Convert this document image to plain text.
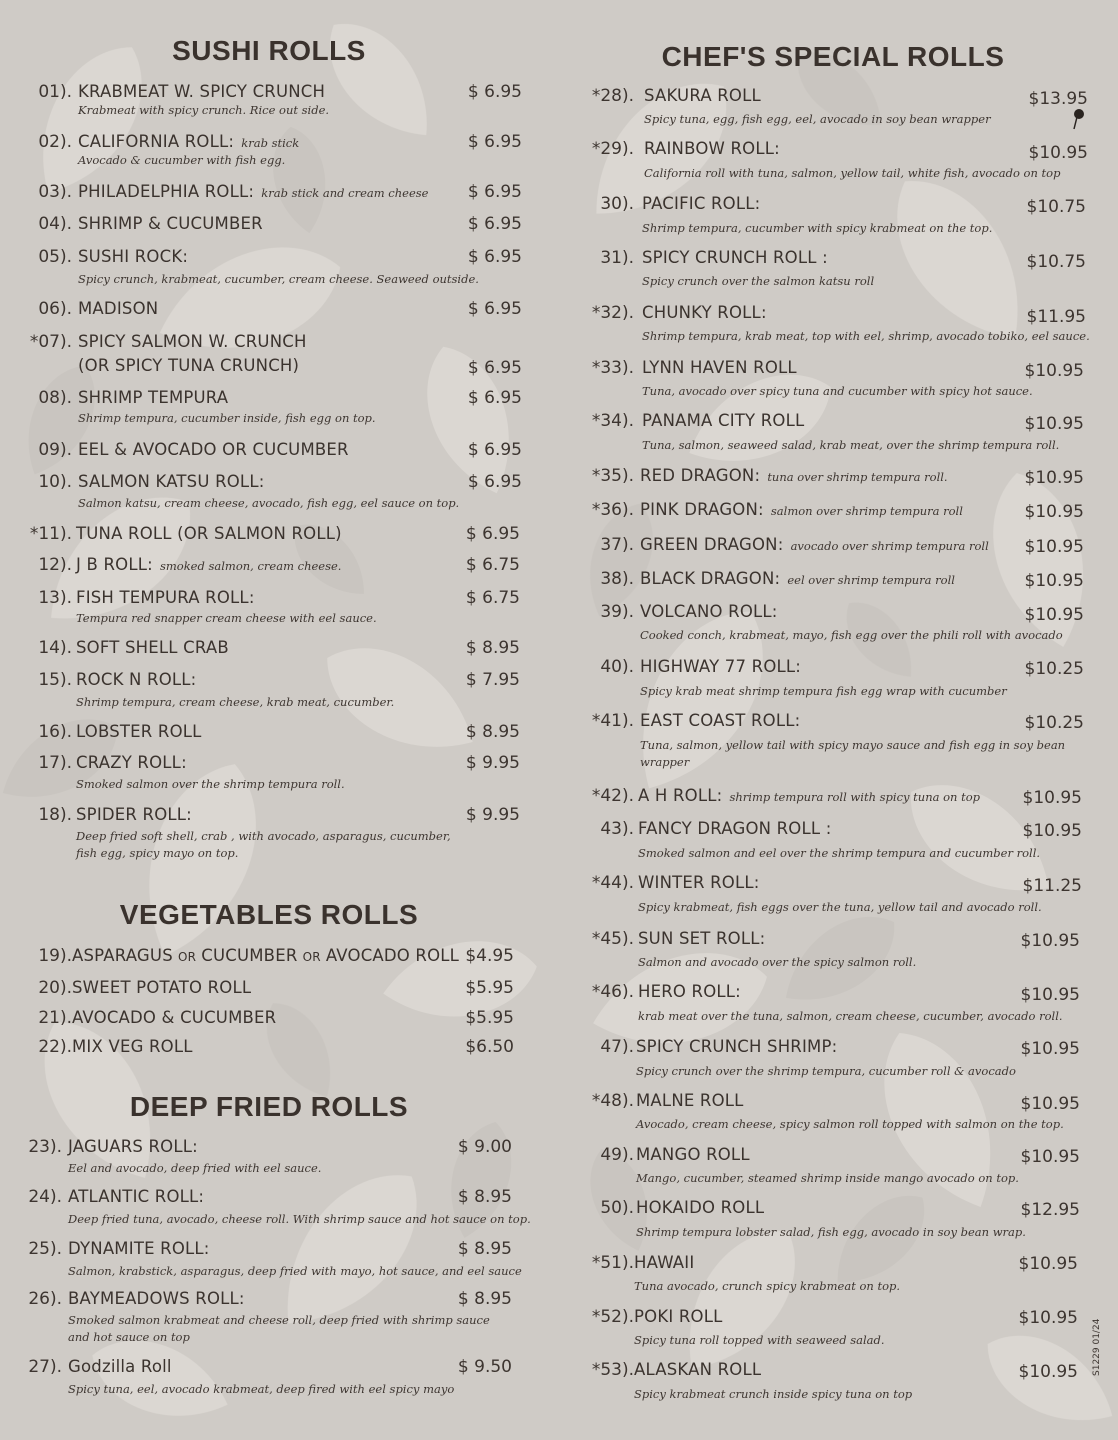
SUSHI ROLLS
01). KRABMEAT W. SPICY CRUNCH
Krabmeat with spicy crunch. Rice out side.
$ 6.95
02). CALIFORNIA ROLL: krab stick
Avocado & cucumber with fish egg.
$ 6.95
03). PHILADELPHIA ROLL: krab stick and cream cheese $ 6.95
04). SHRIMP & CUCUMBER	$ 6.95
05). SUSHI ROCK:
Spicy crunch, krabmeat, cucumber, cream cheese. Seaweed outside.
$ 6.95
06). MADISON	$ 6.95
*07). SPICY SALMON W. CRUNCH
(OR SPICY TUNA CRUNCH)	$ 6.95
08). SHRIMP TEMPURA
Shrimp tempura, cucumber inside, fish egg on top.
$ 6.95
09). EEL & AVOCADO OR CUCUMBER	$ 6.95
10). SALMON KATSU ROLL:
Salmon katsu, cream cheese, avocado, fish egg, eel sauce on top.
$ 6.95
*11). TUNA ROLL (OR SALMON ROLL)	$ 6.95
12). J B ROLL: smoked salmon, cream cheese.	$ 6.75
13). FISH TEMPURA ROLL:
Tempura red snapper cream cheese with eel sauce.
$ 6.75
14). SOFT SHELL CRAB	$ 8.95
15). ROCK N ROLL:
Shrimp tempura, cream cheese, krab meat, cucumber.
$ 7.95
16). LOBSTER ROLL	$ 8.95
17). CRAZY ROLL:
Smoked salmon over the shrimp tempura roll.
$ 9.95
18). SPIDER ROLL:
Deep fried soft shell, crab , with avocado, asparagus, cucumber,
fish egg, spicy mayo on top.
$ 9.95
VEGETABLES ROLLS
19). ASPARAGUS OR CUCUMBER OR AVOCADO ROLL $4.95
20). SWEET POTATO ROLL	$5.95
21). AVOCADO & CUCUMBER	$5.95
22). MIX VEG ROLL	$6.50
DEEP FRIED ROLLS
23). JAGUARS ROLL:
Eel and avocado, deep fried with eel sauce.
$ 9.00
24). ATLANTIC ROLL:
Deep fried tuna, avocado, cheese roll. With shrimp sauce and hot sauce on top.
$ 8.95
25). DYNAMITE ROLL:
Salmon, krabstick, asparagus, deep fried with mayo, hot sauce, and eel sauce
$ 8.95
26). BAYMEADOWS ROLL:
Smoked salmon krabmeat and cheese roll, deep fried with shrimp sauce
and hot sauce on top
$ 8.95
27). Godzilla Roll
Spicy tuna, eel, avocado krabmeat, deep fired with eel spicy mayo
$ 9.50
CHEF'S SPECIAL ROLLS
*28). SAKURA ROLL
Spicy tuna, egg, fish egg, eel, avocado in soy bean wrapper
$13.95
*29). RAINBOW ROLL:
California roll with tuna, salmon, yellow tail, white fish, avocado on top
$10.95
30). PACIFIC ROLL:
Shrimp tempura, cucumber with spicy krabmeat on the top.
$10.75
31). SPICY CRUNCH ROLL :
Spicy crunch over the salmon katsu roll
$10.75
*32). CHUNKY ROLL:
Shrimp tempura, krab meat, top with eel, shrimp, avocado tobiko, eel sauce.
$11.95
*33). LYNN HAVEN ROLL
Tuna, avocado over spicy tuna and cucumber with spicy hot sauce.
$10.95
*34). PANAMA CITY ROLL
Tuna, salmon, seaweed salad, krab meat, over the shrimp tempura roll.
$10.95
*35). RED DRAGON: tuna over shrimp tempura roll.	$10.95
*36). PINK DRAGON: salmon over shrimp tempura roll	$10.95
37). GREEN DRAGON: avocado over shrimp tempura roll $10.95
38). BLACK DRAGON: eel over shrimp tempura roll	$10.95
39). VOLCANO ROLL:
Cooked conch, krabmeat, mayo, fish egg over the phili roll with avocado
$10.95
40). HIGHWAY 77 ROLL:
Spicy krab meat shrimp tempura fish egg wrap with cucumber
$10.25
*41). EAST COAST ROLL:
Tuna, salmon, yellow tail with spicy mayo sauce and fish egg in soy bean
wrapper
$10.25
*42). A H ROLL: shrimp tempura roll with spicy tuna on top	$10.95
43). FANCY DRAGON ROLL :
Smoked salmon and eel over the shrimp tempura and cucumber roll.
$10.95
*44). WINTER ROLL:
Spicy krabmeat, fish eggs over the tuna, yellow tail and avocado roll.
$11.25
*45). SUN SET ROLL:
Salmon and avocado over the spicy salmon roll.
$10.95
*46). HERO ROLL:
krab meat over the tuna, salmon, cream cheese, cucumber, avocado roll.
$10.95
47). SPICY CRUNCH SHRIMP:
Spicy crunch over the shrimp tempura, cucumber roll & avocado
$10.95
*48). MALNE ROLL
Avocado, cream cheese, spicy salmon roll topped with salmon on the top.
$10.95
49). MANGO ROLL
Mango, cucumber, steamed shrimp inside mango avocado on top.
$10.95
50). HOKAIDO ROLL
Shrimp tempura lobster salad, fish egg, avocado in soy bean wrap.
$12.95
*51). HAWAII
Tuna avocado, crunch spicy krabmeat on top.
$10.95
*52). POKI ROLL
Spicy tuna roll topped with seaweed salad.
$10.95
*53). ALASKAN ROLL
Spicy krabmeat crunch inside spicy tuna on top
$10.95 S1229 01/24
